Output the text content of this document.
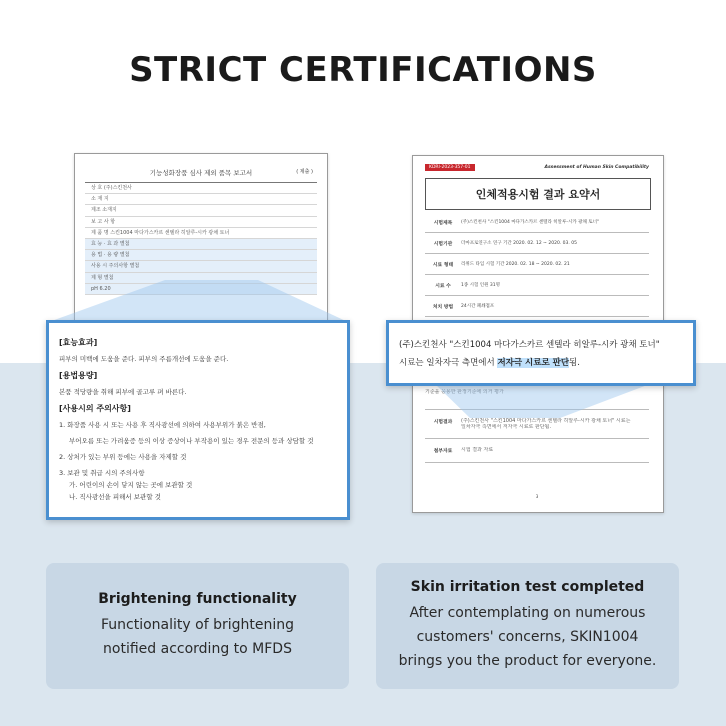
STRICT CERTIFICATIONS
기능성화장품 심사 제외 품목 보고서	( 제출 )
상 호 (주)스킨천사
소 재 지
제조 소재지
보 고 사 항
제 품 명 스킨1004 마다가스카르 센텔라 히알루-시카 광채 토너
효 능 · 효 과 별첨
용 법 · 용 량 별첨
사용 시 주의사항 별첨
제 형 별첨
pH 6.20
KDRI-2023-357-01	Assessment of Human Skin Compatibility
인체적용시험 결과 요약서
시험제목	(주)스킨천사 "스킨1004 마다가스카르 센텔라 히알루-시카 광채 토너"
시험기관	더마프로연구소 연구 기간 2020. 02. 12 ~ 2020. 03. 05
시료 형태	리퀴드 타입 시험 기간 2020. 02. 18 ~ 2020. 02. 21
시료 수	1종 시험 인원 31명
처치 방법	24시간 폐쇄첩포
기준을 응용한 판정기준에 의거 평가
시험결과	(주)스킨천사 "스킨1004 마다가스카르 센텔라 히알루-시카 광채 토너" 시료는
일차자극 측면에서 저자극 시료로 판단됨.
첨부자료	시험 결과 자료
3
[효능효과]
피부의 미백에 도움을 준다. 피부의 주름개선에 도움을 준다.
[용법용량]
본품 적당량을 취해 피부에 골고루 펴 바른다.
[사용시의 주의사항]
1. 화장품 사용 시 또는 사용 후 직사광선에 의하여 사용부위가 붉은 반점,
부어오름 또는 가려움증 등의 이상 증상이나 부작용이 있는 경우 전문의 등과 상담할 것
2. 상처가 있는 부위 등에는 사용을 자제할 것
3. 보관 및 취급 시의 주의사항
가. 어린이의 손이 닿지 않는 곳에 보관할 것
나. 직사광선을 피해서 보관할 것
(주)스킨천사 "스킨1004 마다가스카르 센텔라 히알루-시카 광채 토너"
시료는 일차자극 측면에서 저자극 시료로 판단됨.
Brightening functionality
Functionality of brightening
notified according to MFDS
Skin irritation test completed
After contemplating on numerous
customers' concerns, SKIN1004
brings you the product for everyone.
